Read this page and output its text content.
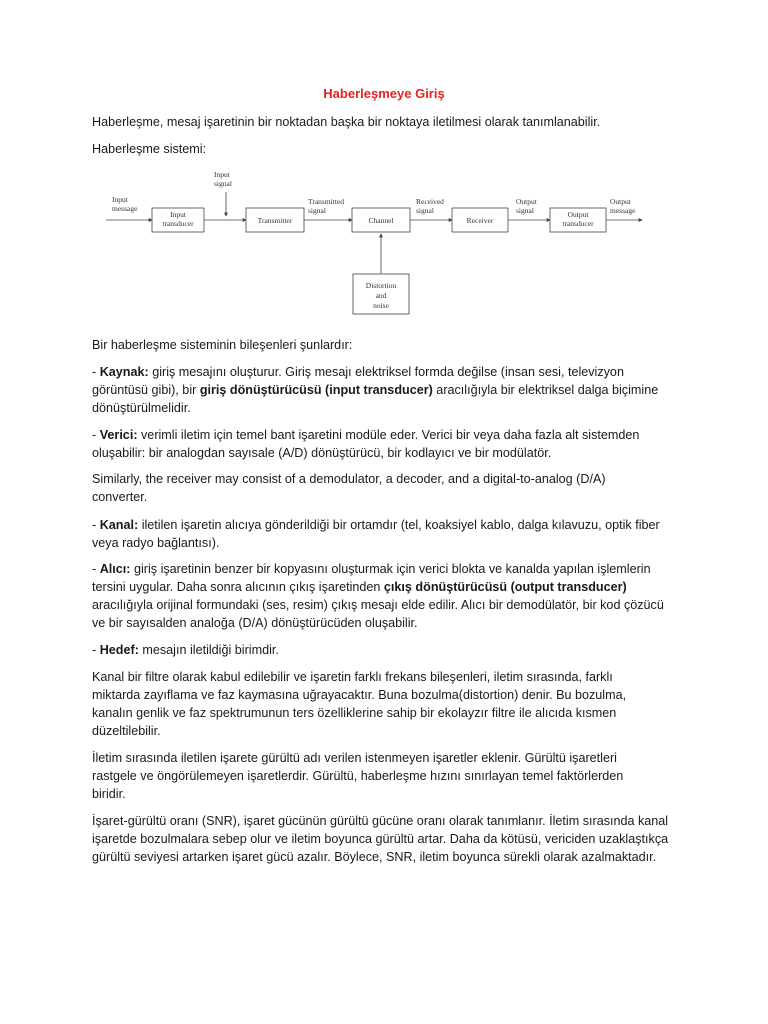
Haberleşmeye Giriş
Haberleşme, mesaj işaretinin bir noktadan başka bir noktaya iletilmesi olarak tanımlanabilir.
Haberleşme sistemi:
Input
message
Input
signal
Input
transducer	Transmitter
Transmitted
signal
Channel
Received
signal
Receiver
Output
signal	Output
transducer
Output
message
Distortion
and
noise
Bir haberleşme sisteminin bileşenleri şunlardır:
- Kaynak: giriş mesajını oluşturur. Giriş mesajı elektriksel formda değilse (insan sesi, televizyon
görüntüsü gibi), bir giriş dönüştürücüsü (input transducer) aracılığıyla bir elektriksel dalga biçimine
dönüştürülmelidir.
- Verici: verimli iletim için temel bant işaretini modüle eder. Verici bir veya daha fazla alt sistemden
oluşabilir: bir analogdan sayısale (A/D) dönüştürücü, bir kodlayıcı ve bir modülatör.
Similarly, the receiver may consist of a demodulator, a decoder, and a digital-to-analog (D/A)
converter.
- Kanal: iletilen işaretin alıcıya gönderildiği bir ortamdır (tel, koaksiyel kablo, dalga kılavuzu, optik fiber
veya radyo bağlantısı).
- Alıcı: giriş işaretinin benzer bir kopyasını oluşturmak için verici blokta ve kanalda yapılan işlemlerin
tersini uygular. Daha sonra alıcının çıkış işaretinden çıkış dönüştürücüsü (output transducer)
aracılığıyla orijinal formundaki (ses, resim) çıkış mesajı elde edilir. Alıcı bir demodülatör, bir kod çözücü
ve bir sayısalden analoğa (D/A) dönüştürücüden oluşabilir.
- Hedef: mesajın iletildiği birimdir.
Kanal bir filtre olarak kabul edilebilir ve işaretin farklı frekans bileşenleri, iletim sırasında, farklı
miktarda zayıflama ve faz kaymasına uğrayacaktır. Buna bozulma(distortion) denir. Bu bozulma,
kanalın genlik ve faz spektrumunun ters özelliklerine sahip bir ekolayzır filtre ile alıcıda kısmen
düzeltilebilir.
İletim sırasında iletilen işarete gürültü adı verilen istenmeyen işaretler eklenir. Gürültü işaretleri
rastgele ve öngörülemeyen işaretlerdir. Gürültü, haberleşme hızını sınırlayan temel faktörlerden
biridir.
İşaret-gürültü oranı (SNR), işaret gücünün gürültü gücüne oranı olarak tanımlanır. İletim sırasında kanal
işaretde bozulmalara sebep olur ve iletim boyunca gürültü artar. Daha da kötüsü, vericiden uzaklaştıkça
gürültü seviyesi artarken işaret gücü azalır. Böylece, SNR, iletim boyunca sürekli olarak azalmaktadır.
